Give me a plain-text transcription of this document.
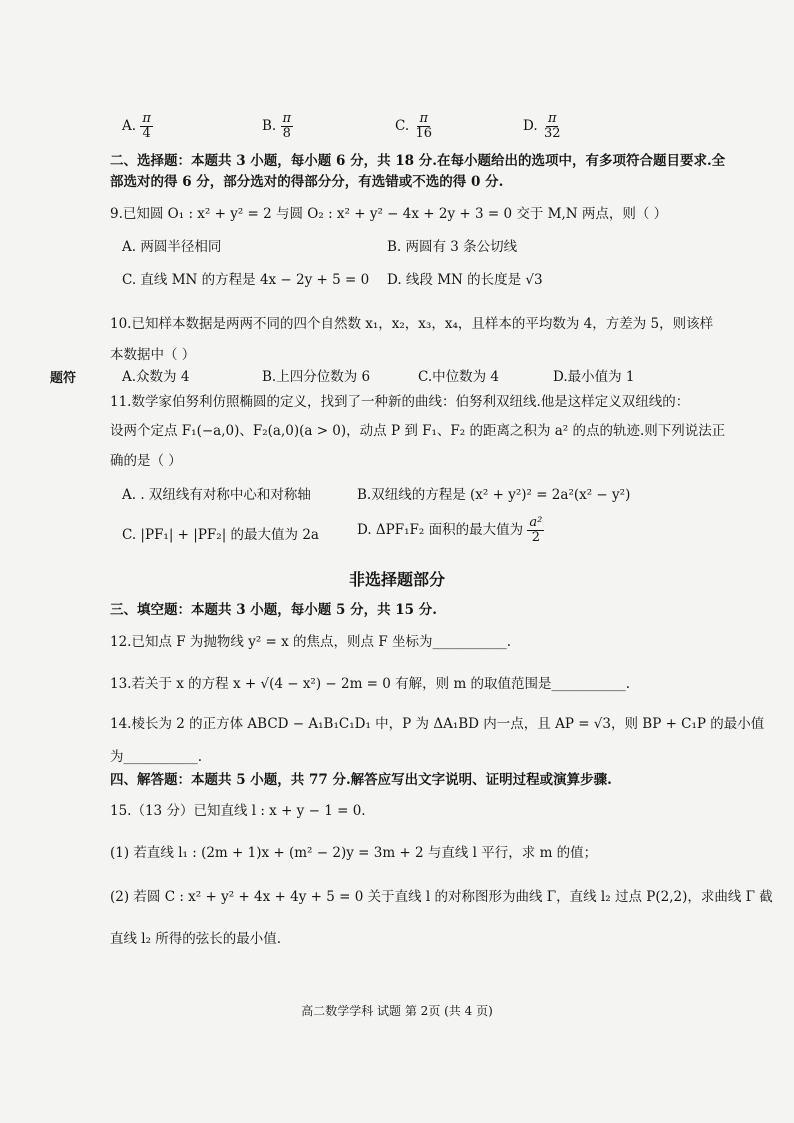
A. $\frac{\pi}{4}$	B. $\frac{\pi}{8}$	C. $\frac{\pi}{16}$	D. $\frac{\pi}{32}$
二、选择题：本题共 3 小题，每小题 6 分，共 18 分.在每小题给出的选项中，有多项符合题目要求.全
部选对的得 6 分，部分选对的得部分分，有选错或不选的得 0 分.
9.已知圆 O₁ : x² + y² = 2 与圆 O₂ : x² + y² − 4x + 2y + 3 = 0 交于 M,N 两点，则（ ）
A. 两圆半径相同	B. 两圆有 3 条公切线
C. 直线 MN 的方程是 4x − 2y + 5 = 0 D. 线段 MN 的长度是 √3
10.已知样本数据是两两不同的四个自然数 x₁，x₂，x₃，x₄，且样本的平均数为 4，方差为 5，则该样
本数据中（ ）
题符	A.众数为 4	B.上四分位数为 6	C.中位数为 4	D.最小值为 1
11.数学家伯努利仿照椭圆的定义，找到了一种新的曲线：伯努利双纽线.他是这样定义双纽线的：
设两个定点 F₁(−a,0)、F₂(a,0)(a > 0)，动点 P 到 F₁、F₂ 的距离之积为 a² 的点的轨迹.则下列说法正
确的是（ ）
A. . 双纽线有对称中心和对称轴	B.双纽线的方程是 (x² + y²)² = 2a²(x² − y²)
C. |PF₁| + |PF₂| 的最大值为 2a	D. ΔPF₁F₂ 面积的最大值为 $\frac{\text{a²}}{2}$
非选择题部分
三、填空题：本题共 3 小题，每小题 5 分，共 15 分.
12.已知点 F 为抛物线 y² = x 的焦点，则点 F 坐标为___________.
13.若关于 x 的方程 x + √(4 − x²) − 2m = 0 有解，则 m 的取值范围是___________.
14.棱长为 2 的正方体 ABCD − A₁B₁C₁D₁ 中，P 为 ΔA₁BD 内一点，且 AP = √3，则 BP + C₁P 的最小值
为___________.
四、解答题：本题共 5 小题，共 77 分.解答应写出文字说明、证明过程或演算步骤.
15.（13 分）已知直线 l : x + y − 1 = 0.
(1) 若直线 l₁ : (2m + 1)x + (m² − 2)y = 3m + 2 与直线 l 平行，求 m 的值；
(2) 若圆 C : x² + y² + 4x + 4y + 5 = 0 关于直线 l 的对称图形为曲线 Γ，直线 l₂ 过点 P(2,2)，求曲线 Γ 截
直线 l₂ 所得的弦长的最小值.
高二数学学科 试题 第 2页 (共 4 页)
